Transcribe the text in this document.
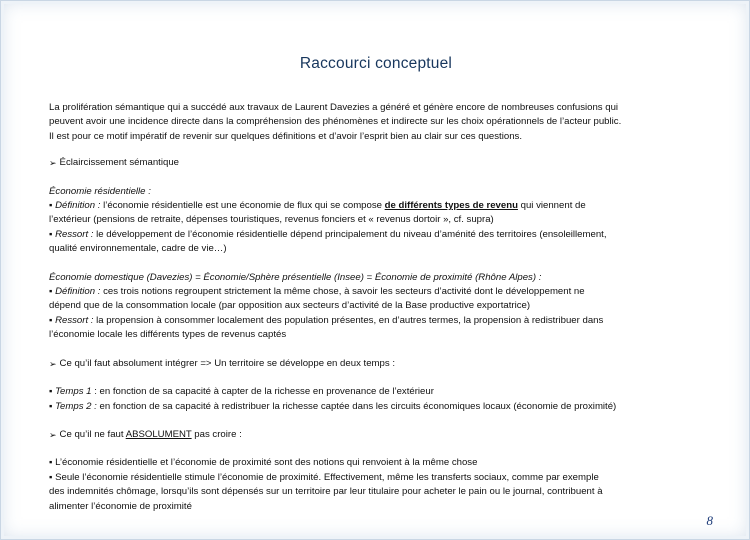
Raccourci conceptuel

La prolifération sémantique qui a succédé aux travaux de Laurent Davezies a généré et génère encore de nombreuses confusions qui

peuvent avoir une incidence directe dans la compréhension des phénomènes et indirecte sur les choix opérationnels de l’acteur public.

Il est pour ce motif impératif de revenir sur quelques définitions et d’avoir l’esprit bien au clair sur ces questions.

➢ Éclaircissement sémantique

Économie résidentielle :

▪ Définition : l’économie résidentielle est une économie de flux qui se compose de différents types de revenu qui viennent de

l’extérieur (pensions de retraite, dépenses touristiques, revenus fonciers et « revenus dortoir », cf. supra)

▪ Ressort : le développement de l’économie résidentielle dépend principalement du niveau d’aménité des territoires (ensoleillement,

qualité environnementale, cadre de vie…)

Économie domestique (Davezies) = Économie/Sphère présentielle (Insee) = Économie de proximité (Rhône Alpes) :

▪ Définition : ces trois notions regroupent strictement la même chose, à savoir les secteurs d’activité dont le développement ne

dépend que de la consommation locale (par opposition aux secteurs d’activité de la Base productive exportatrice)

▪ Ressort : la propension à consommer localement des population présentes, en d’autres termes, la propension à redistribuer dans

l’économie locale les différents types de revenus captés

➢ Ce qu’il faut absolument intégrer => Un territoire se développe en deux temps :

▪ Temps 1 : en fonction de sa capacité à capter de la richesse en provenance de l’extérieur

▪ Temps 2 : en fonction de sa capacité à redistribuer la richesse captée dans les circuits économiques locaux (économie de proximité)

➢ Ce qu’il ne faut ABSOLUMENT pas croire :

▪ L’économie résidentielle et l’économie de proximité sont des notions qui renvoient à la même chose

▪ Seule l’économie résidentielle stimule l’économie de proximité. Effectivement, même les transferts sociaux, comme par exemple

des indemnités chômage, lorsqu’ils sont dépensés sur un territoire par leur titulaire pour acheter le pain ou le journal, contribuent à

alimenter l’économie de proximité

8
